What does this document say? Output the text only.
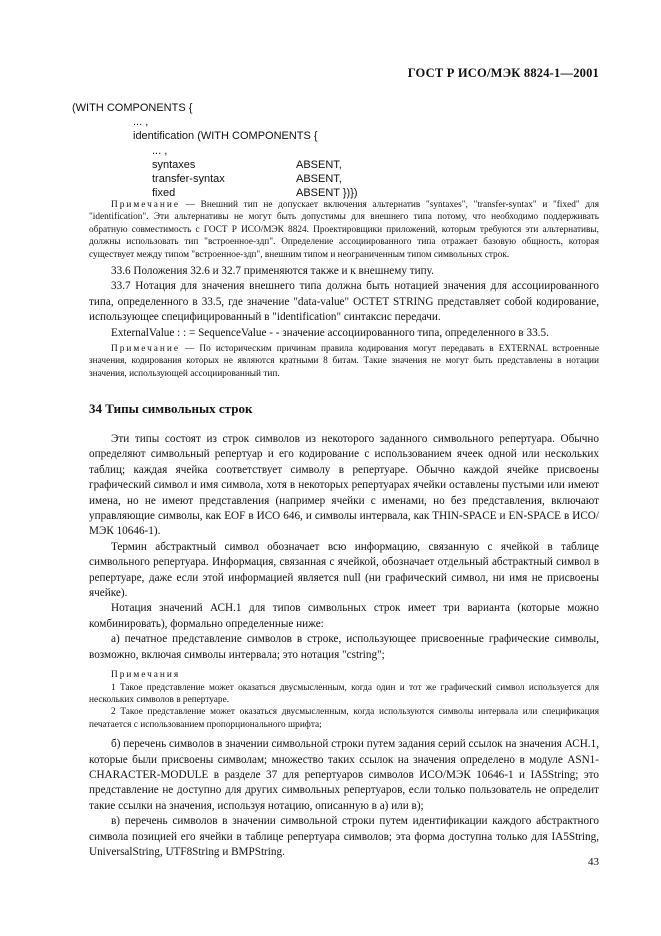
ГОСТ Р ИСО/МЭК 8824-1—2001
(WITH COMPONENTS {
... ,
identification (WITH COMPONENTS {
... ,
syntaxes	ABSENT,
transfer-syntax	ABSENT,
fixed	ABSENT })})

Примечание — Внешний тип не допускает включения альтернатив "syntaxes", "transfer-syntax" и "fixed" для "identification". Эти альтернативы не могут быть допустимы для внешнего типа потому, что необходимо поддерживать обратную совместимость с ГОСТ Р ИСО/МЭК 8824. Проектировщики приложений, которым требуются эти альтернативы, должны использовать тип "встроенное-здп". Определение ассоциированного типа отражает базовую общность, которая существует между типом "встроенное-здп", внешним типом и неограниченным типом символьных строк.

33.6 Положения 32.6 и 32.7 применяются также и к внешнему типу.

33.7 Нотация для значения внешнего типа должна быть нотацией значения для ассоциированного типа, определенного в 33.5, где значение "data-value" OCTET STRING представляет собой кодирование, использующее специфицированный в "identification" синтаксис передачи.

ExternalValue : : = SequenceValue - - значение ассоциированного типа, определенного в 33.5.

Примечание — По историческим причинам правила кодирования могут передавать в EXTERNAL встроенные значения, кодирования которых не являются кратными 8 битам. Такие значения не могут быть представлены в нотации значения, использующей ассоциированный тип.

34 Типы символьных строк

Эти типы состоят из строк символов из некоторого заданного символьного репертуара. Обычно определяют символьный репертуар и его кодирование с использованием ячеек одной или нескольких таблиц; каждая ячейка соответствует символу в репертуаре. Обычно каждой ячейке присвоены графический символ и имя символа, хотя в некоторых репертуарах ячейки оставлены пустыми или имеют имена, но не имеют представления (например ячейки с именами, но без представления, включают управляющие символы, как EOF в ИСО 646, и символы интервала, как THIN-SPACE и EN-SPACE в ИСО/МЭК 10646-1).

Термин абстрактный символ обозначает всю информацию, связанную с ячейкой в таблице символьного репертуара. Информация, связанная с ячейкой, обозначает отдельный абстрактный символ в репертуаре, даже если этой информацией является null (ни графический символ, ни имя не присвоены ячейке).

Нотация значений АСН.1 для типов символьных строк имеет три варианта (которые можно комбинировать), формально определенные ниже:

а) печатное представление символов в строке, использующее присвоенные графические символы, возможно, включая символы интервала; это нотация "cstring";

Примечания

1 Такое представление может оказаться двусмысленным, когда один и тот же графический символ используется для нескольких символов в репертуаре.

2 Такое представление может оказаться двусмысленным, когда используются символы интервала или спецификация печатается с использованием пропорционального шрифта;

б) перечень символов в значении символьной строки путем задания серий ссылок на значения АСН.1, которые были присвоены символам; множество таких ссылок на значения определено в модуле ASN1-CHARACTER-MODULE в разделе 37 для репертуаров символов ИСО/МЭК 10646-1 и IA5String; это представление не доступно для других символьных репертуаров, если только пользователь не определит такие ссылки на значения, используя нотацию, описанную в а) или в);

в) перечень символов в значении символьной строки путем идентификации каждого абстрактного символа позицией его ячейки в таблице репертуара символов; эта форма доступна только для IA5String, UniversalString, UTF8String и BMPString.

43
